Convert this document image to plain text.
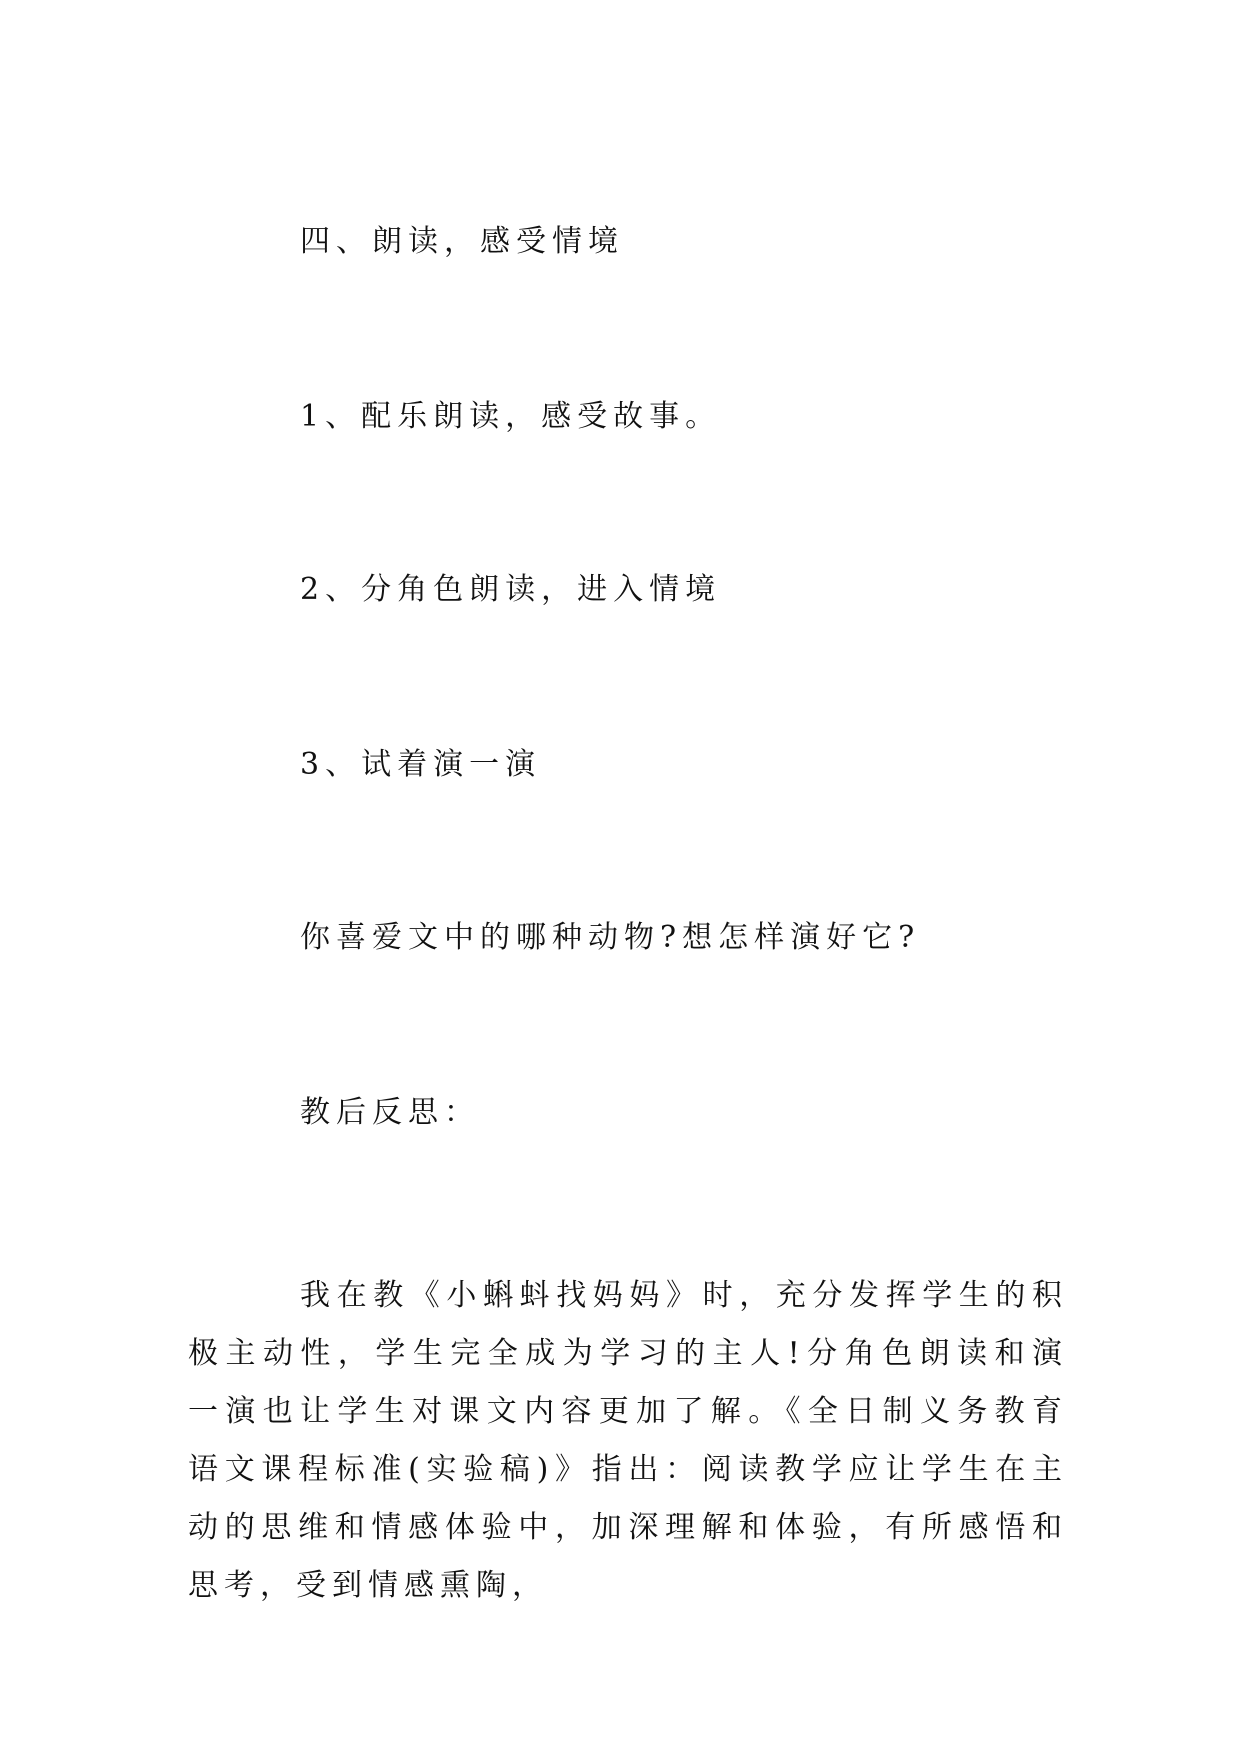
四、朗读，感受情境
1、配乐朗读，感受故事。
2、分角色朗读，进入情境
3、试着演一演
你喜爱文中的哪种动物?想怎样演好它?
教后反思：
我在教《小蝌蚪找妈妈》时，充分发挥学生的积极主动性，学生完全成为学习的主人!分角色朗读和演一演也让学生对课文内容更加了解。《全日制义务教育语文课程标准(实验稿)》指出：阅读教学应让学生在主动的思维和情感体验中，加深理解和体验，有所感悟和思考，受到情感熏陶，
